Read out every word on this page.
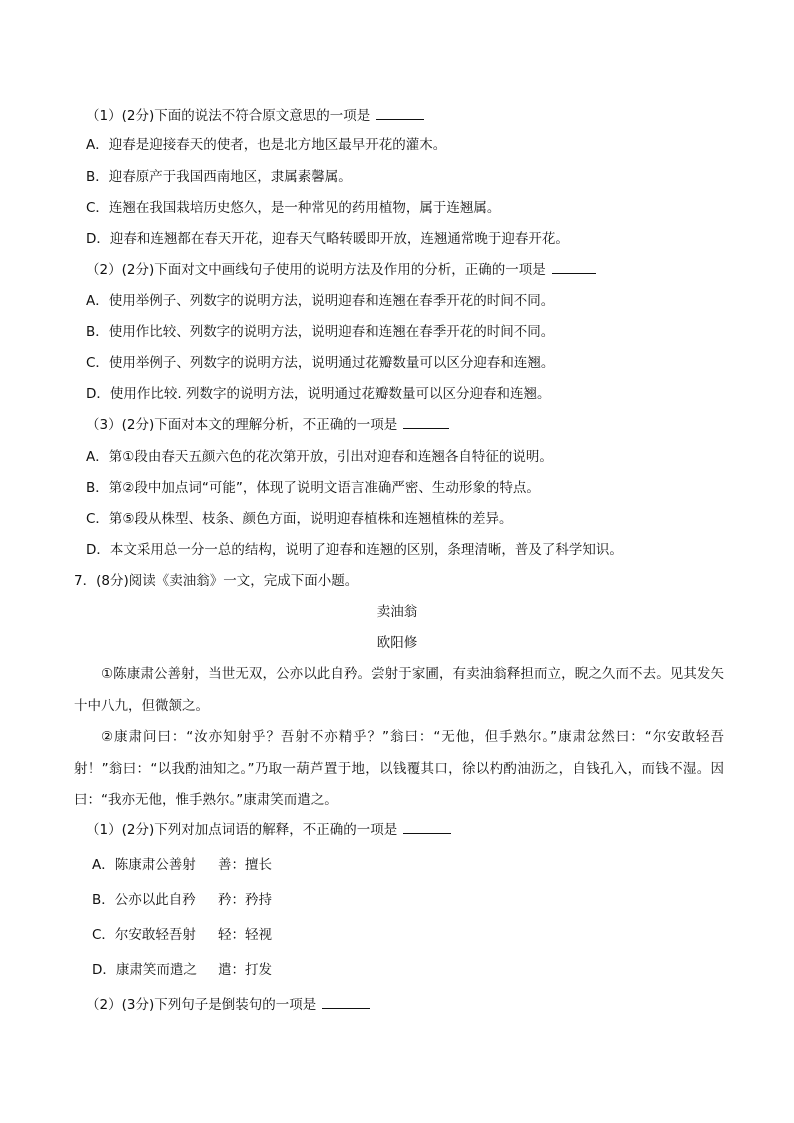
（1）(2分)下面的说法不符合原文意思的一项是
A．迎春是迎接春天的使者，也是北方地区最早开花的灌木。
B．迎春原产于我国西南地区，隶属素馨属。
C．连翘在我国栽培历史悠久，是一种常见的药用植物，属于连翘属。
D．迎春和连翘都在春天开花，迎春天气略转暖即开放，连翘通常晚于迎春开花。
（2）(2分)下面对文中画线句子使用的说明方法及作用的分析，正确的一项是
A．使用举例子、列数字的说明方法，说明迎春和连翘在春季开花的时间不同。
B．使用作比较、列数字的说明方法，说明迎春和连翘在春季开花的时间不同。
C．使用举例子、列数字的说明方法，说明通过花瓣数量可以区分迎春和连翘。
D．使用作比较. 列数字的说明方法，说明通过花瓣数量可以区分迎春和连翘。
（3）(2分)下面对本文的理解分析，不正确的一项是
A．第①段由春天五颜六色的花次第开放，引出对迎春和连翘各自特征的说明。
B．第②段中加点词“可能”，体现了说明文语言准确严密、生动形象的特点。
C．第⑤段从株型、枝条、颜色方面，说明迎春植株和连翘植株的差异。
D．本文采用总一分一总的结构，说明了迎春和连翘的区别，条理清晰，普及了科学知识。
7．(8分)阅读《卖油翁》一文，完成下面小题。
卖油翁
欧阳修
①陈康肃公善射，当世无双，公亦以此自矜。尝射于家圃，有卖油翁释担而立，睨之久而不去。见其发矢十中八九，但微颔之。
②康肃问曰：“汝亦知射乎？吾射不亦精乎？”翁曰：“无他，但手熟尔。”康肃忿然曰：“尔安敢轻吾射！”翁曰：“以我酌油知之。”乃取一葫芦置于地，以钱覆其口，徐以杓酌油沥之，自钱孔入，而钱不湿。因曰：“我亦无他，惟手熟尔。”康肃笑而遣之。
（1）(2分)下列对加点词语的解释，不正确的一项是
A．陈康肃公善射 善：擅长
B．公亦以此自矜 矜：矜持
C．尔安敢轻吾射 轻：轻视
D．康肃笑而遣之 遣：打发
（2）(3分)下列句子是倒装句的一项是
